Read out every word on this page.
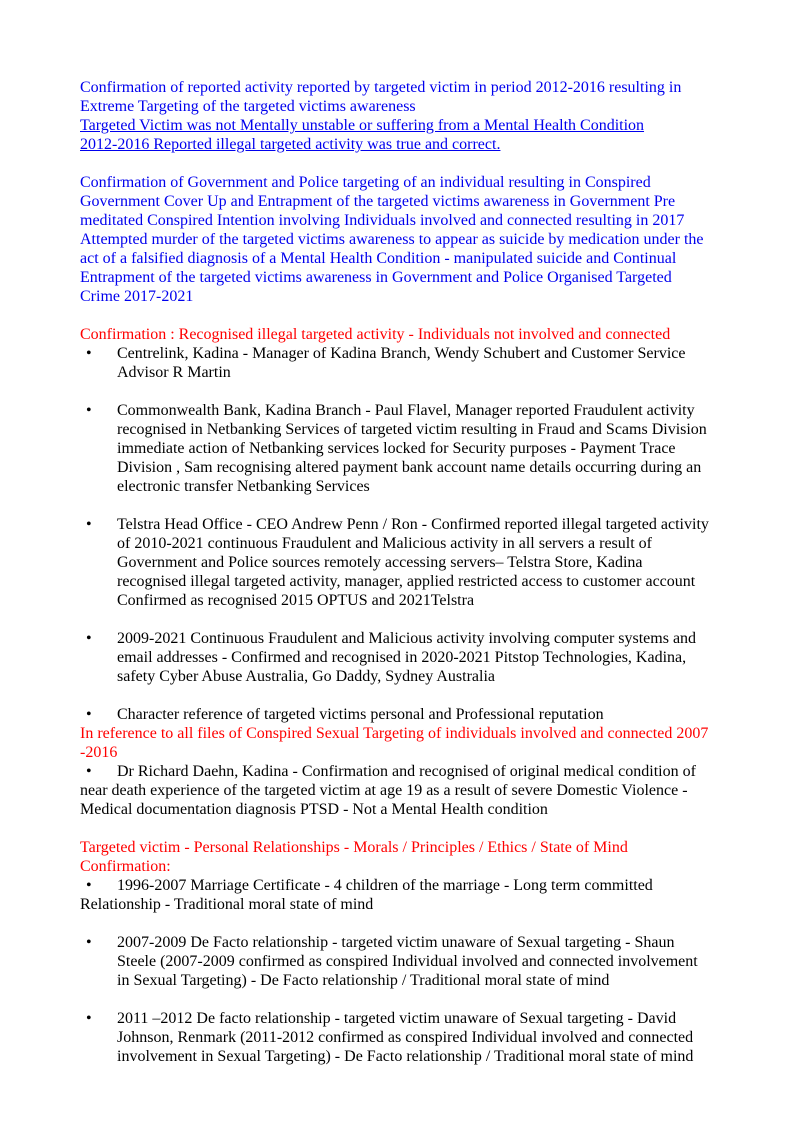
Confirmation of reported activity reported by targeted victim in period 2012-2016 resulting in Extreme Targeting of the targeted victims awareness
Targeted Victim was not Mentally unstable or suffering from a Mental Health Condition
2012-2016 Reported illegal targeted activity was true and correct.
Confirmation of Government and Police targeting of an individual resulting in Conspired Government Cover Up and Entrapment of the targeted victims awareness in Government Pre meditated Conspired Intention involving Individuals involved and connected resulting in 2017 Attempted murder of the targeted victims awareness to appear as suicide by medication under the act of a falsified diagnosis of a Mental Health Condition - manipulated suicide and Continual Entrapment of the targeted victims awareness in Government and Police Organised Targeted Crime 2017-2021
Confirmation : Recognised illegal targeted activity - Individuals not involved and connected
• Centrelink, Kadina - Manager of Kadina Branch, Wendy Schubert and Customer Service Advisor R Martin
• Commonwealth Bank, Kadina Branch - Paul Flavel, Manager reported Fraudulent activity recognised in Netbanking Services of targeted victim resulting in Fraud and Scams Division immediate action of Netbanking services locked for Security purposes - Payment Trace Division , Sam recognising altered payment bank account name details occurring during an electronic transfer Netbanking Services
• Telstra Head Office - CEO Andrew Penn / Ron - Confirmed reported illegal targeted activity of 2010-2021 continuous Fraudulent and Malicious activity in all servers a result of Government and Police sources remotely accessing servers– Telstra Store, Kadina recognised illegal targeted activity, manager, applied restricted access to customer account Confirmed as recognised 2015 OPTUS and 2021Telstra
• 2009-2021 Continuous Fraudulent and Malicious activity involving computer systems and email addresses - Confirmed and recognised in 2020-2021 Pitstop Technologies, Kadina, safety Cyber Abuse Australia, Go Daddy, Sydney Australia
• Character reference of targeted victims personal and Professional reputation
In reference to all files of Conspired Sexual Targeting of individuals involved and connected 2007 -2016
• Dr Richard Daehn, Kadina - Confirmation and recognised of original medical condition of near death experience of the targeted victim at age 19 as a result of severe Domestic Violence - Medical documentation diagnosis PTSD - Not a Mental Health condition
Targeted victim - Personal Relationships - Morals / Principles / Ethics / State of Mind Confirmation:
• 1996-2007 Marriage Certificate - 4 children of the marriage - Long term committed Relationship - Traditional moral state of mind
• 2007-2009 De Facto relationship - targeted victim unaware of Sexual targeting - Shaun Steele (2007-2009 confirmed as conspired Individual involved and connected involvement in Sexual Targeting) - De Facto relationship / Traditional moral state of mind
• 2011 –2012 De facto relationship - targeted victim unaware of Sexual targeting - David Johnson, Renmark (2011-2012 confirmed as conspired Individual involved and connected involvement in Sexual Targeting) - De Facto relationship / Traditional moral state of mind
